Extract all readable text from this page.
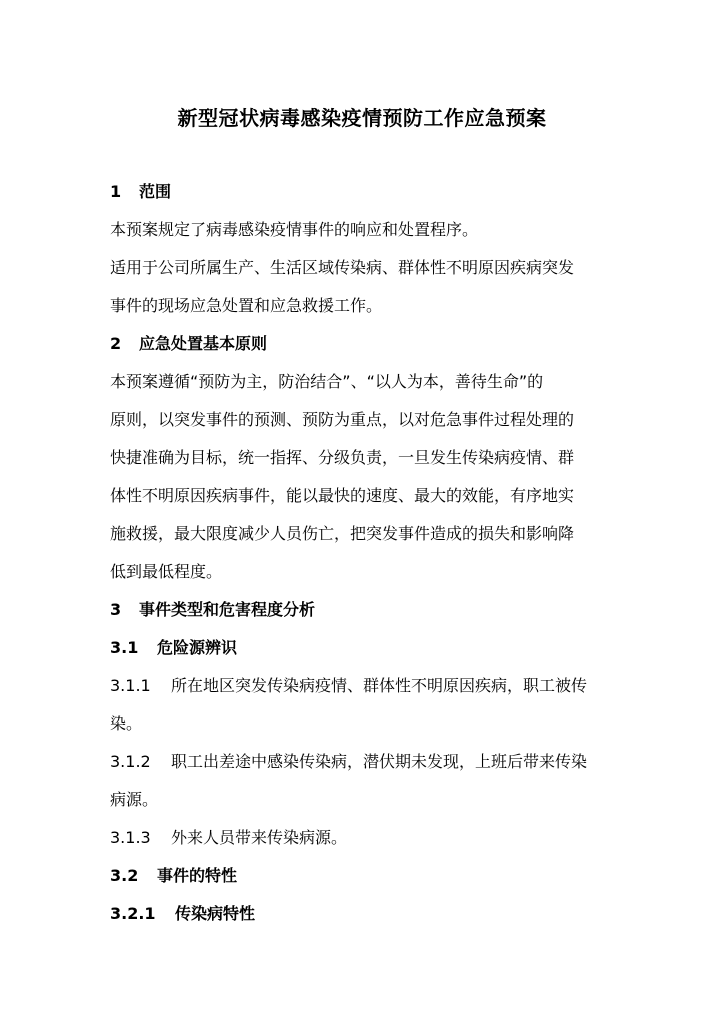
新型冠状病毒感染疫情预防工作应急预案
1 范围
本预案规定了病毒感染疫情事件的响应和处置程序。
适用于公司所属生产、生活区域传染病、群体性不明原因疾病突发
事件的现场应急处置和应急救援工作。
2 应急处置基本原则
本预案遵循“预防为主，防治结合”、“以人为本，善待生命”的
原则，以突发事件的预测、预防为重点，以对危急事件过程处理的
快捷准确为目标，统一指挥、分级负责，一旦发生传染病疫情、群
体性不明原因疾病事件，能以最快的速度、最大的效能，有序地实
施救援，最大限度减少人员伤亡，把突发事件造成的损失和影响降
低到最低程度。
3 事件类型和危害程度分析
3.1 危险源辨识
3.1.1 所在地区突发传染病疫情、群体性不明原因疾病，职工被传
染。
3.1.2 职工出差途中感染传染病，潜伏期未发现，上班后带来传染
病源。
3.1.3 外来人员带来传染病源。
3.2 事件的特性
3.2.1 传染病特性
